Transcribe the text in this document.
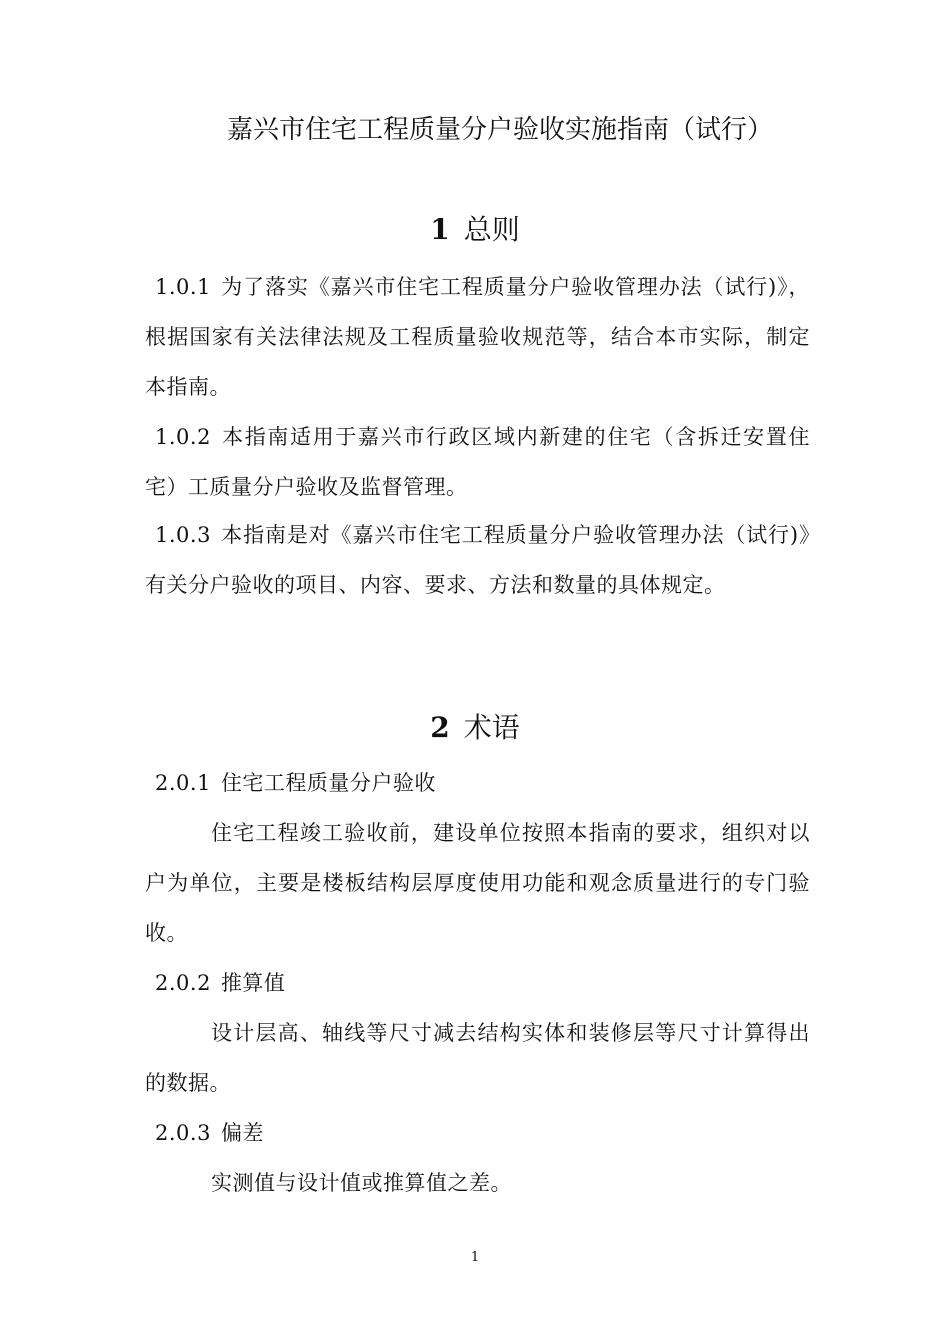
嘉兴市住宅工程质量分户验收实施指南（试行）
1 总则

1.0.1 为了落实《嘉兴市住宅工程质量分户验收管理办法（试行)》，根据国家有关法律法规及工程质量验收规范等，结合本市实际，制定本指南。

1.0.2 本指南适用于嘉兴市行政区域内新建的住宅（含拆迁安置住宅）工质量分户验收及监督管理。

1.0.3 本指南是对《嘉兴市住宅工程质量分户验收管理办法（试行)》有关分户验收的项目、内容、要求、方法和数量的具体规定。

2 术语

2.0.1 住宅工程质量分户验收

住宅工程竣工验收前，建设单位按照本指南的要求，组织对以户为单位，主要是楼板结构层厚度使用功能和观念质量进行的专门验收。

2.0.2 推算值

设计层高、轴线等尺寸减去结构实体和装修层等尺寸计算得出的数据。

2.0.3 偏差

实测值与设计值或推算值之差。

1
